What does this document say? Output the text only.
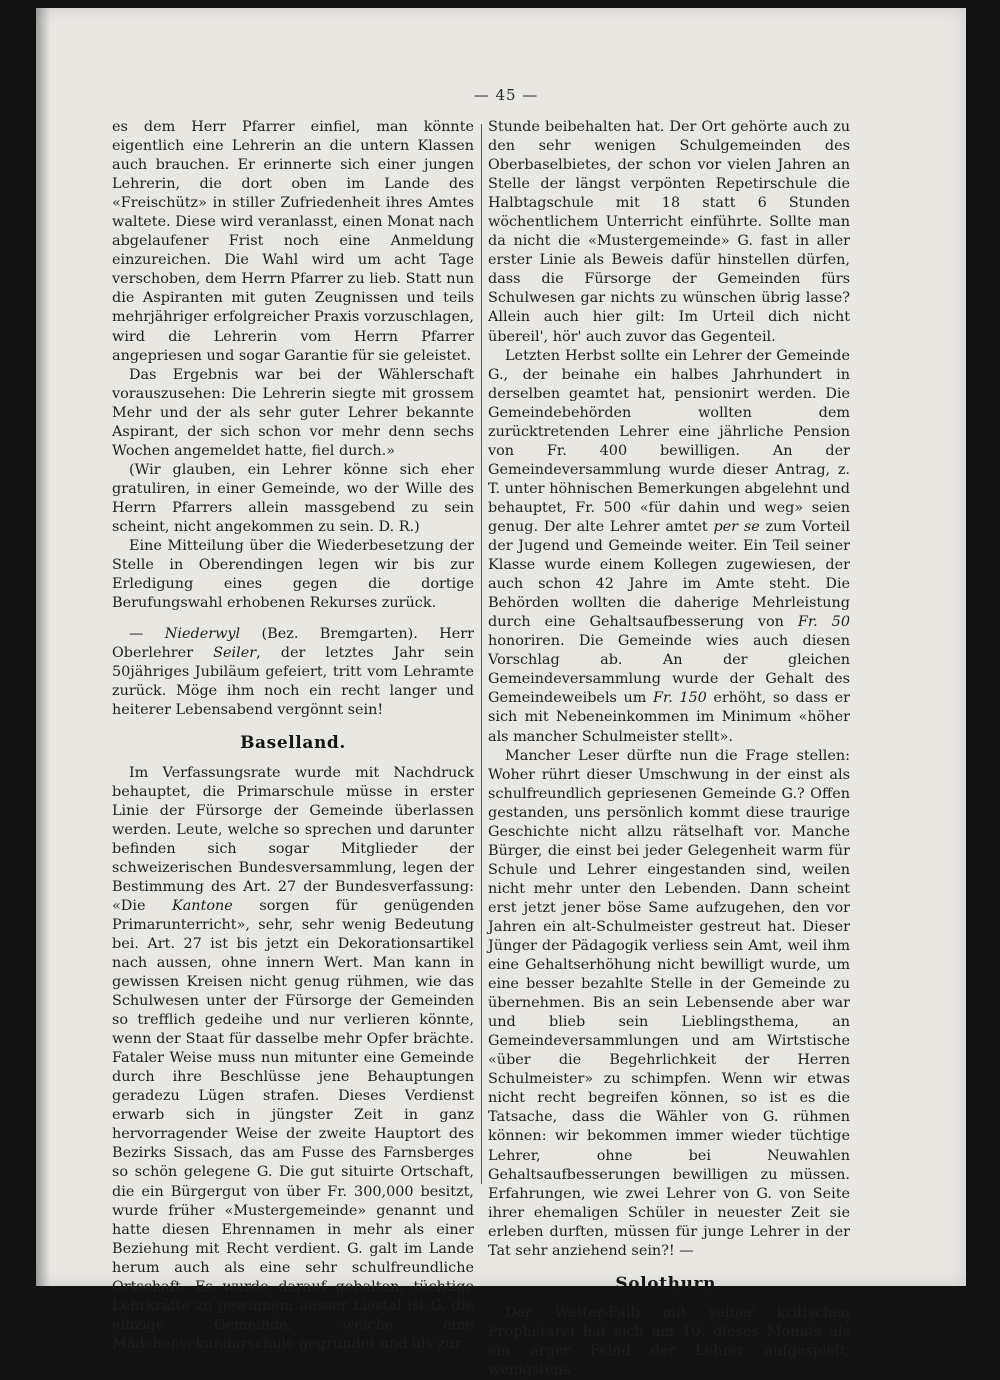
— 45 —

es dem Herr Pfarrer einfiel, man könnte eigentlich eine Lehrerin an die untern Klassen auch brauchen. Er erinnerte sich einer jungen Lehrerin, die dort oben im Lande des «Freischütz» in stiller Zufriedenheit ihres Amtes waltete. Diese wird veranlasst, einen Monat nach abgelaufener Frist noch eine Anmeldung einzureichen. Die Wahl wird um acht Tage verschoben, dem Herrn Pfarrer zu lieb. Statt nun die Aspiranten mit guten Zeugnissen und teils mehrjähriger erfolgreicher Praxis vorzuschlagen, wird die Lehrerin vom Herrn Pfarrer angepriesen und sogar Garantie für sie geleistet.

Das Ergebnis war bei der Wählerschaft vorauszusehen: Die Lehrerin siegte mit grossem Mehr und der als sehr guter Lehrer bekannte Aspirant, der sich schon vor mehr denn sechs Wochen angemeldet hatte, fiel durch.»

(Wir glauben, ein Lehrer könne sich eher gratuliren, in einer Gemeinde, wo der Wille des Herrn Pfarrers allein massgebend zu sein scheint, nicht angekommen zu sein. D. R.)

Eine Mitteilung über die Wiederbesetzung der Stelle in Oberendingen legen wir bis zur Erledigung eines gegen die dortige Berufungswahl erhobenen Rekurses zurück.

— Niederwyl (Bez. Bremgarten). Herr Oberlehrer Seiler, der letztes Jahr sein 50jähriges Jubiläum gefeiert, tritt vom Lehramte zurück. Möge ihm noch ein recht langer und heiterer Lebensabend vergönnt sein!

Baselland.

Im Verfassungsrate wurde mit Nachdruck behauptet, die Primarschule müsse in erster Linie der Fürsorge der Gemeinde überlassen werden. Leute, welche so sprechen und darunter befinden sich sogar Mitglieder der schweizerischen Bundesversammlung, legen der Bestimmung des Art. 27 der Bundesverfassung: «Die Kantone sorgen für genügenden Primarunterricht», sehr, sehr wenig Bedeutung bei. Art. 27 ist bis jetzt ein Dekorationsartikel nach aussen, ohne innern Wert. Man kann in gewissen Kreisen nicht genug rühmen, wie das Schulwesen unter der Fürsorge der Gemeinden so trefflich gedeihe und nur verlieren könnte, wenn der Staat für dasselbe mehr Opfer brächte. Fataler Weise muss nun mitunter eine Gemeinde durch ihre Beschlüsse jene Behauptungen geradezu Lügen strafen. Dieses Verdienst erwarb sich in jüngster Zeit in ganz hervorragender Weise der zweite Hauptort des Bezirks Sissach, das am Fusse des Farnsberges so schön gelegene G. Die gut situirte Ortschaft, die ein Bürgergut von über Fr. 300,000 besitzt, wurde früher «Mustergemeinde» genannt und hatte diesen Ehrennamen in mehr als einer Beziehung mit Recht verdient. G. galt im Lande herum auch als eine sehr schulfreundliche Ortschaft. Es wurde darauf gehalten, tüchtige Lehrkräfte zu gewinnen; ausser Liestal ist G. die einzige Gemeinde, welche eine Mädchensekundarschule gegründet und bis zur

Stunde beibehalten hat. Der Ort gehörte auch zu den sehr wenigen Schulgemeinden des Oberbaselbietes, der schon vor vielen Jahren an Stelle der längst verpönten Repetirschule die Halbtagschule mit 18 statt 6 Stunden wöchentlichem Unterricht einführte. Sollte man da nicht die «Mustergemeinde» G. fast in aller erster Linie als Beweis dafür hinstellen dürfen, dass die Fürsorge der Gemeinden fürs Schulwesen gar nichts zu wünschen übrig lasse? Allein auch hier gilt: Im Urteil dich nicht übereil', hör' auch zuvor das Gegenteil.

Letzten Herbst sollte ein Lehrer der Gemeinde G., der beinahe ein halbes Jahrhundert in derselben geamtet hat, pensionirt werden. Die Gemeindebehörden wollten dem zurücktretenden Lehrer eine jährliche Pension von Fr. 400 bewilligen. An der Gemeindeversammlung wurde dieser Antrag, z. T. unter höhnischen Bemerkungen abgelehnt und behauptet, Fr. 500 «für dahin und weg» seien genug. Der alte Lehrer amtet per se zum Vorteil der Jugend und Gemeinde weiter. Ein Teil seiner Klasse wurde einem Kollegen zugewiesen, der auch schon 42 Jahre im Amte steht. Die Behörden wollten die daherige Mehrleistung durch eine Gehaltsaufbesserung von Fr. 50 honoriren. Die Gemeinde wies auch diesen Vorschlag ab. An der gleichen Gemeindeversammlung wurde der Gehalt des Gemeindeweibels um Fr. 150 erhöht, so dass er sich mit Nebeneinkommen im Minimum «höher als mancher Schulmeister stellt».

Mancher Leser dürfte nun die Frage stellen: Woher rührt dieser Umschwung in der einst als schulfreundlich gepriesenen Gemeinde G.? Offen gestanden, uns persönlich kommt diese traurige Geschichte nicht allzu rätselhaft vor. Manche Bürger, die einst bei jeder Gelegenheit warm für Schule und Lehrer eingestanden sind, weilen nicht mehr unter den Lebenden. Dann scheint erst jetzt jener böse Same aufzugehen, den vor Jahren ein alt-Schulmeister gestreut hat. Dieser Jünger der Pädagogik verliess sein Amt, weil ihm eine Gehaltserhöhung nicht bewilligt wurde, um eine besser bezahlte Stelle in der Gemeinde zu übernehmen. Bis an sein Lebensende aber war und blieb sein Lieblingsthema, an Gemeindeversammlungen und am Wirtstische «über die Begehrlichkeit der Herren Schulmeister» zu schimpfen. Wenn wir etwas nicht recht begreifen können, so ist es die Tatsache, dass die Wähler von G. rühmen können: wir bekommen immer wieder tüchtige Lehrer, ohne bei Neuwahlen Gehaltsaufbesserungen bewilligen zu müssen. Erfahrungen, wie zwei Lehrer von G. von Seite ihrer ehemaligen Schüler in neuester Zeit sie erleben durften, müssen für junge Lehrer in der Tat sehr anziehend sein?! —

Solothurn.

Der Wetter-Falb mit seiner kritischen Prophetarei hat sich am 10. dieses Monats als ein arger Feind der Lehrer aufgespielt, wenigstens
